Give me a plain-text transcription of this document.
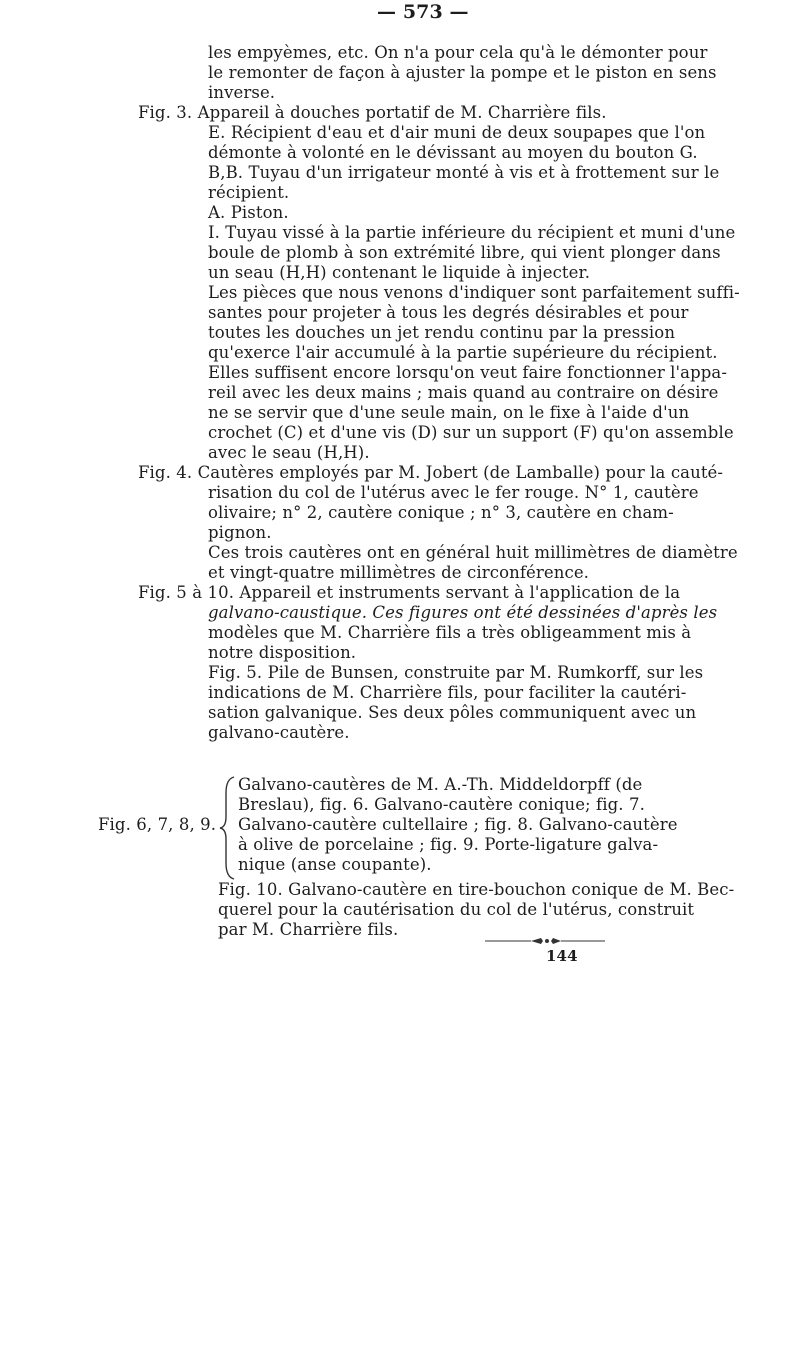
— 573 —
les empyèmes, etc. On n'a pour cela qu'à le démonter pour
le remonter de façon à ajuster la pompe et le piston en sens
inverse.
Fig. 3. Appareil à douches portatif de M. Charrière fils.
E. Récipient d'eau et d'air muni de deux soupapes que l'on
démonte à volonté en le dévissant au moyen du bouton G.
B,B. Tuyau d'un irrigateur monté à vis et à frottement sur le
récipient.
A. Piston.
I. Tuyau vissé à la partie inférieure du récipient et muni d'une
boule de plomb à son extrémité libre, qui vient plonger dans
un seau (H,H) contenant le liquide à injecter.
Les pièces que nous venons d'indiquer sont parfaitement suffi-
santes pour projeter à tous les degrés désirables et pour
toutes les douches un jet rendu continu par la pression
qu'exerce l'air accumulé à la partie supérieure du récipient.
Elles suffisent encore lorsqu'on veut faire fonctionner l'appa-
reil avec les deux mains ; mais quand au contraire on désire
ne se servir que d'une seule main, on le fixe à l'aide d'un
crochet (C) et d'une vis (D) sur un support (F) qu'on assemble
avec le seau (H,H).
Fig. 4. Cautères employés par M. Jobert (de Lamballe) pour la cauté-
risation du col de l'utérus avec le fer rouge. N° 1, cautère
olivaire; n° 2, cautère conique ; n° 3, cautère en cham-
pignon.
Ces trois cautères ont en général huit millimètres de diamètre
et vingt-quatre millimètres de circonférence.
Fig. 5 à 10. Appareil et instruments servant à l'application de la
galvano-caustique. Ces figures ont été dessinées d'après les
modèles que M. Charrière fils a très obligeamment mis à
notre disposition.
Fig. 5. Pile de Bunsen, construite par M. Rumkorff, sur les
indications de M. Charrière fils, pour faciliter la cautéri-
sation galvanique. Ses deux pôles communiquent avec un
galvano-cautère.
Galvano-cautères de M. A.-Th. Middeldorpff (de
Breslau), fig. 6. Galvano-cautère conique; fig. 7.
Galvano-cautère cultellaire ; fig. 8. Galvano-cautère
à olive de porcelaine ; fig. 9. Porte-ligature galva-
nique (anse coupante).
Fig. 6, 7, 8, 9.
Fig. 10. Galvano-cautère en tire-bouchon conique de M. Bec-
querel pour la cautérisation du col de l'utérus, construit
par M. Charrière fils.
144
